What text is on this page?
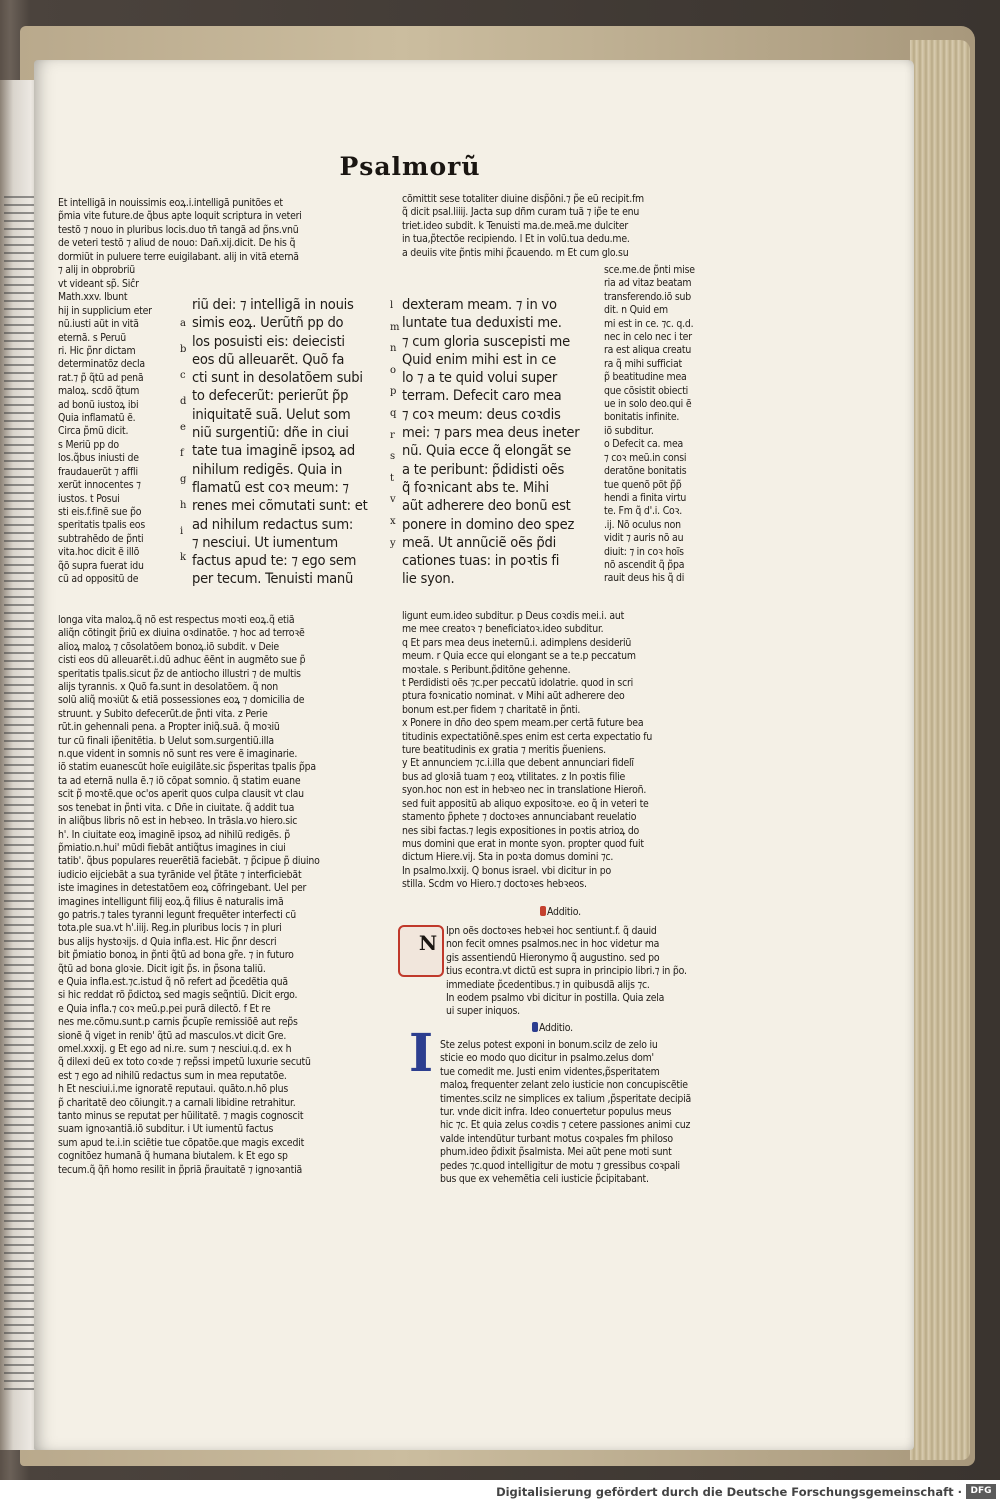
Psalmorũ

Et intelligã in nouissimis eoꝝ.i.intelligã punitões et

p̃mia vite future.de q̃bus apte loquit̃ scriptura in veteri

testõ ⁊ nouo in pluribus locis.duo tñ tangã ad p̃ns.vnũ

de veteri testõ ⁊ aliud de nouo: Dañ.xij.dicit̃. De his q̃

dormiũt in puluere terre euigilabant. alij in vitã eternã

⁊ alij in obprobriũ

vt videant sp̃. Siĉr

Math.xxv. Ibunt

hij in supplicium eter

nũ.iusti aũt in vitã

eternã. s Peruũ

ri. Hic p̃nr dictam

determinatõz decla

rat.⁊ p̃ q̃tũ ad penã

maloꝝ. scdõ q̃tum

ad bonũ iustoꝝ ibi

Quia inflamatũ ẽ.

Circa p̃mũ dicit̃.

s Meriũ pp do

los.q̃bus iniusti de

fraudauerũt ⁊ affli

xerũt innocentes ⁊

iustos. t Posui

sti eis.f.finẽ sue p̃o

speritatis tpalis eos

subtrahẽdo de p̃nti

vita.hoc dicit ẽ illõ

q̃õ supra fuerat idu

cũ ad oppositũ de

a
b
c
d
e
f
g
h
i
k

riũ dei: ⁊ intelligã in nouis

simis eoꝝ. Uerũtñ pp do

los posuisti eis: deiecisti

eos dũ alleuarẽt. Quõ fa

cti sunt in desolatõem subi

to defecerũt: perierũt p̃p

iniquitatẽ suã. Uelut som

niũ surgentiũ: dñe in ciui

tate tua imaginẽ ipsoꝝ ad

nihilum redigẽs. Quia in

flamatũ est coꝛ meum: ⁊

renes mei cõmutati sunt: et

ad nihilum redactus sum:

⁊ nesciui. Ut iumentum

factus apud te: ⁊ ego sem

per tecum. Tenuisti manũ

l
m
n
o
p
q
r
s
t
v
x
y

dexteram meam. ⁊ in vo

luntate tua deduxisti me.

⁊ cum gloria suscepisti me

Quid enim mihi est in ce

lo ⁊ a te quid volui super

terram. Defecit caro mea

⁊ coꝛ meum: deus coꝛdis

mei: ⁊ pars mea deus ineter

nũ. Quia ecce q̃ elongãt se

a te peribunt: p̃didisti oẽs

q̃ foꝛnicant abs te. Mihi

aũt adherere deo bonũ est

ponere in domino deo spez

meã. Ut annũciẽ oẽs p̃di

cationes tuas: in poꝛtis fi

lie syon.

cõmittit sese totaliter diuine disp̃õni.⁊ p̃e eũ recipit.fm

q̃ dicit̃ psal.liiij. Jacta sup dñm curam tuã ⁊ ip̃e te enu

triet.ideo subdit. k Tenuisti ma.de.meã.me dulciter

in tua,p̃tectõe recipiendo. l Et in volũ.tua dedu.me.

a deuiis vite p̃ntis mihi p̃cauendo. m Et cum glo.su

sce.me.de p̃nti mise

ria ad vitaz beatam

transferendo.iõ sub

dit. n Quid em

mi est in ce. ⁊c. q.d.

nec in celo nec i ter

ra est aliqua creatu

ra q̃ mihi sufficiat

p̃ beatitudine mea

que cõsistit obiecti

ue in solo deo.qui ẽ

bonitatis infinite.

iõ subditur.

o Defecit ca. mea

⁊ coꝛ meũ.in consi

deratõne bonitatis

tue quenõ põt p̃p̃

hendi a finita virtu

te. Fm q̃ d'.i. Coꝛ.

.ij. Nõ oculus non

vidit ⁊ auris nõ au

diuit: ⁊ in coꝛ hoĩs

nõ ascendit q̃ p̃pa

rauit deus his q̃ di

longa vita maloꝝ.q̃ nõ est respectus moꝛti eoꝝ.q̃ etiã

aliq̃n cõtingit p̃riũ ex diuina oꝛdinatõe. ⁊ hoc ad terroꝛẽ

alioꝝ maloꝝ ⁊ cõsolatõem bonoꝝ.iõ subdit. v Deie

cisti eos dũ alleuarẽt.i.dũ adhuc ẽẽnt in augmẽto sue p̃

speritatis tpalis.sicut p̃z de antiocho illustri ⁊ de multis

alijs tyrannis. x Quõ fa.sunt in desolatõem. q̃ non

solũ aliq̃ moꝛiũt & etiã possessiones eoꝝ ⁊ domicilia de

struunt. y Subito defecerũt.de p̃nti vita. z Perie

rũt.in gehennali pena. a Propter iniq̃.suã. q̃ moꝛiũ

tur cũ finali ip̃enitẽtia. b Uelut som.surgentiũ.illa

n.que vident in somnis nõ sunt res vere ẽ imaginarie.

iõ statim euanescũt hoĩe euigilãte.sic p̃speritas tpalis p̃pa

ta ad eternã nulla ẽ.⁊ iõ cõpat somnio. q̃ statim euane

scit p̃ moꝛtẽ.que oc'os aperit quos culpa clausit vt clau

sos tenebat in p̃nti vita. c Dñe in ciuitate. q̃ addit tua

in aliq̃bus libris nõ est in hebꝛeo. In trãsla.vo hiero.sic

h'. In ciuitate eoꝝ imaginẽ ipsoꝝ ad nihilũ redigẽs. p̃

p̃miatio.n.hui' mũdi fiebãt antiq̃tus imagines in ciui

tatib'. q̃bus populares reuerẽtiã faciebãt. ⁊ p̃cipue p̃ diuino

iudicio eijciebãt a sua tyrãnide vel p̃tãte ⁊ interficiebãt

iste imagines in detestatõem eoꝝ cõfringebant. Uel per

imagines intelligunt filij eoꝝ.q̃ filius ẽ naturalis imã

go patris.⁊ tales tyranni legunt̃ frequẽter interfecti cũ

tota.ple sua.vt h'.iiij. Reg.in pluribus locis ⁊ in pluri

bus alijs hystoꝛijs. d Quia infla.est. Hic p̃nr descri

bit p̃miatio bonoꝝ in p̃nti q̃tũ ad bona gr̃e. ⁊ in futuro

q̃tũ ad bona gloꝛie. Dicit igit̃ p̃s. in p̃sona taliũ.

e Quia infla.est.⁊c.istud q̃ nõ refert ad p̃cedẽtia quã

si hic reddat rõ p̃dictoꝝ sed magis seq̃ntiũ. Dicit ergo.

e Quia infla.⁊ coꝛ meũ.p.pei purã dilectõ. f Et re

nes me.cõmu.sunt.p carnis p̃cupĩe remissiõẽ aut rep̃s

sionẽ q̃ viget in renib' q̃tũ ad masculos.vt dicit Gre.

omel.xxxij. g Et ego ad ni.re. sum ⁊ nesciui.q.d. ex h

q̃ dilexi deũ ex toto coꝛde ⁊ rep̃ssi impetũ luxurie secutũ

est ⁊ ego ad nihilũ redactus sum in mea reputatõe.

h Et nesciui.i.me ignoratẽ reputaui. quãto.n.hõ plus

p̃ charitatẽ deo cõiungit.⁊ a carnali libidine retrahitur.

tanto minus se reputat per hũilitatẽ. ⁊ magis cognoscit

suam ignoꝛantiã.iõ subditur. i Ut iumentũ factus

sum apud te.i.in sciẽtie tue cõpatõe.que magis excedit

cognitõez humanã q̃ humana biutalem. k Et ego sp

tecum.q̃ q̃ñ homo resilit in p̃priã p̃rauitatẽ ⁊ ignoꝛantiã

ligunt eum.ideo subditur. p Deus coꝛdis mei.i. aut

me mee creatoꝛ ⁊ beneficiatoꝛ.ideo subditur.

q Et pars mea deus ineternũ.i. adimplens desideriũ

meum. r Quia ecce qui elongant se a te.p peccatum

moꝛtale. s Peribunt.p̃ditõne gehenne.

t Perdidisti oẽs ⁊c.per peccatũ idolatrie. quod in scri

ptura foꝛnicatio nominat̃. v Mihi aũt adherere deo

bonum est.per fidem ⁊ charitatẽ in p̃nti.

x Ponere in dño deo spem meam.per certã future bea

titudinis expectatiõnẽ.spes enim est certa expectatio fu

ture beatitudinis ex gratia ⁊ meritis p̃ueniens.

y Et annunciem ⁊c.i.illa que debent annunciari fidelĩ

bus ad gloꝛiã tuam ⁊ eoꝝ vtilitates. z In poꝛtis filie

syon.hoc non est in hebꝛeo nec in translatione Hieroñ.

sed fuit appositũ ab aliquo expositoꝛe. eo q̃ in veteri te

stamento p̃phete ⁊ doctoꝛes annunciabant reuelatio

nes sibi factas.⁊ legis expositiones in poꝛtis atrioꝝ do

mus domini que erat in monte syon. propter quod fuit

dictum Hiere.vij. Sta in poꝛta domus domini ⁊c.

In psalmo.lxxij. Q̃ bonus israel. vbi dicitur in po

stilla. Scdm vo Hiero.⁊ doctoꝛes hebꝛeos.

Additio.

N Ipn oẽs doctoꝛes hebꝛei hoc sentiunt.f. q̃ dauid

non fecit omnes psalmos.nec in hoc videtur ma

gis assentiendũ Hieronymo q̃ augustino. sed po

tius econtra.vt dictũ est supra in principio libri.⁊ in p̃o.

immediate p̃cedentibus.⁊ in quibusdã alijs ⁊c.

In eodem psalmo vbi dicitur in postilla. Quia zela

ui super iniquos.

Additio.

I Ste zelus potest exponi in bonum.scilz de zelo iu

sticie eo modo quo dicitur in psalmo.zelus dom'

tue comedit me. Justi enim videntes,p̃speritatem

maloꝝ frequenter zelant zelo iusticie non concupiscẽtie

timentes.scilz ne simplices ex talium ,p̃speritate decipiã

tur. vnde dicit infra. Ideo conuertetur populus meus

hic ⁊c. Et quia zelus coꝛdis ⁊ cetere passiones animi cuz

valde intendũtur turbant motus coꝛpales fm philoso

phum.ideo p̃dixit p̃salmista. Mei aũt pene moti sunt

pedes ⁊c.quod intelligitur de motu ⁊ gressibus coꝛpali

bus que ex vehemẽtia celi iusticie p̃cipitabant.

Digitalisierung gefördert durch die Deutsche Forschungsgemeinschaft · DFG
